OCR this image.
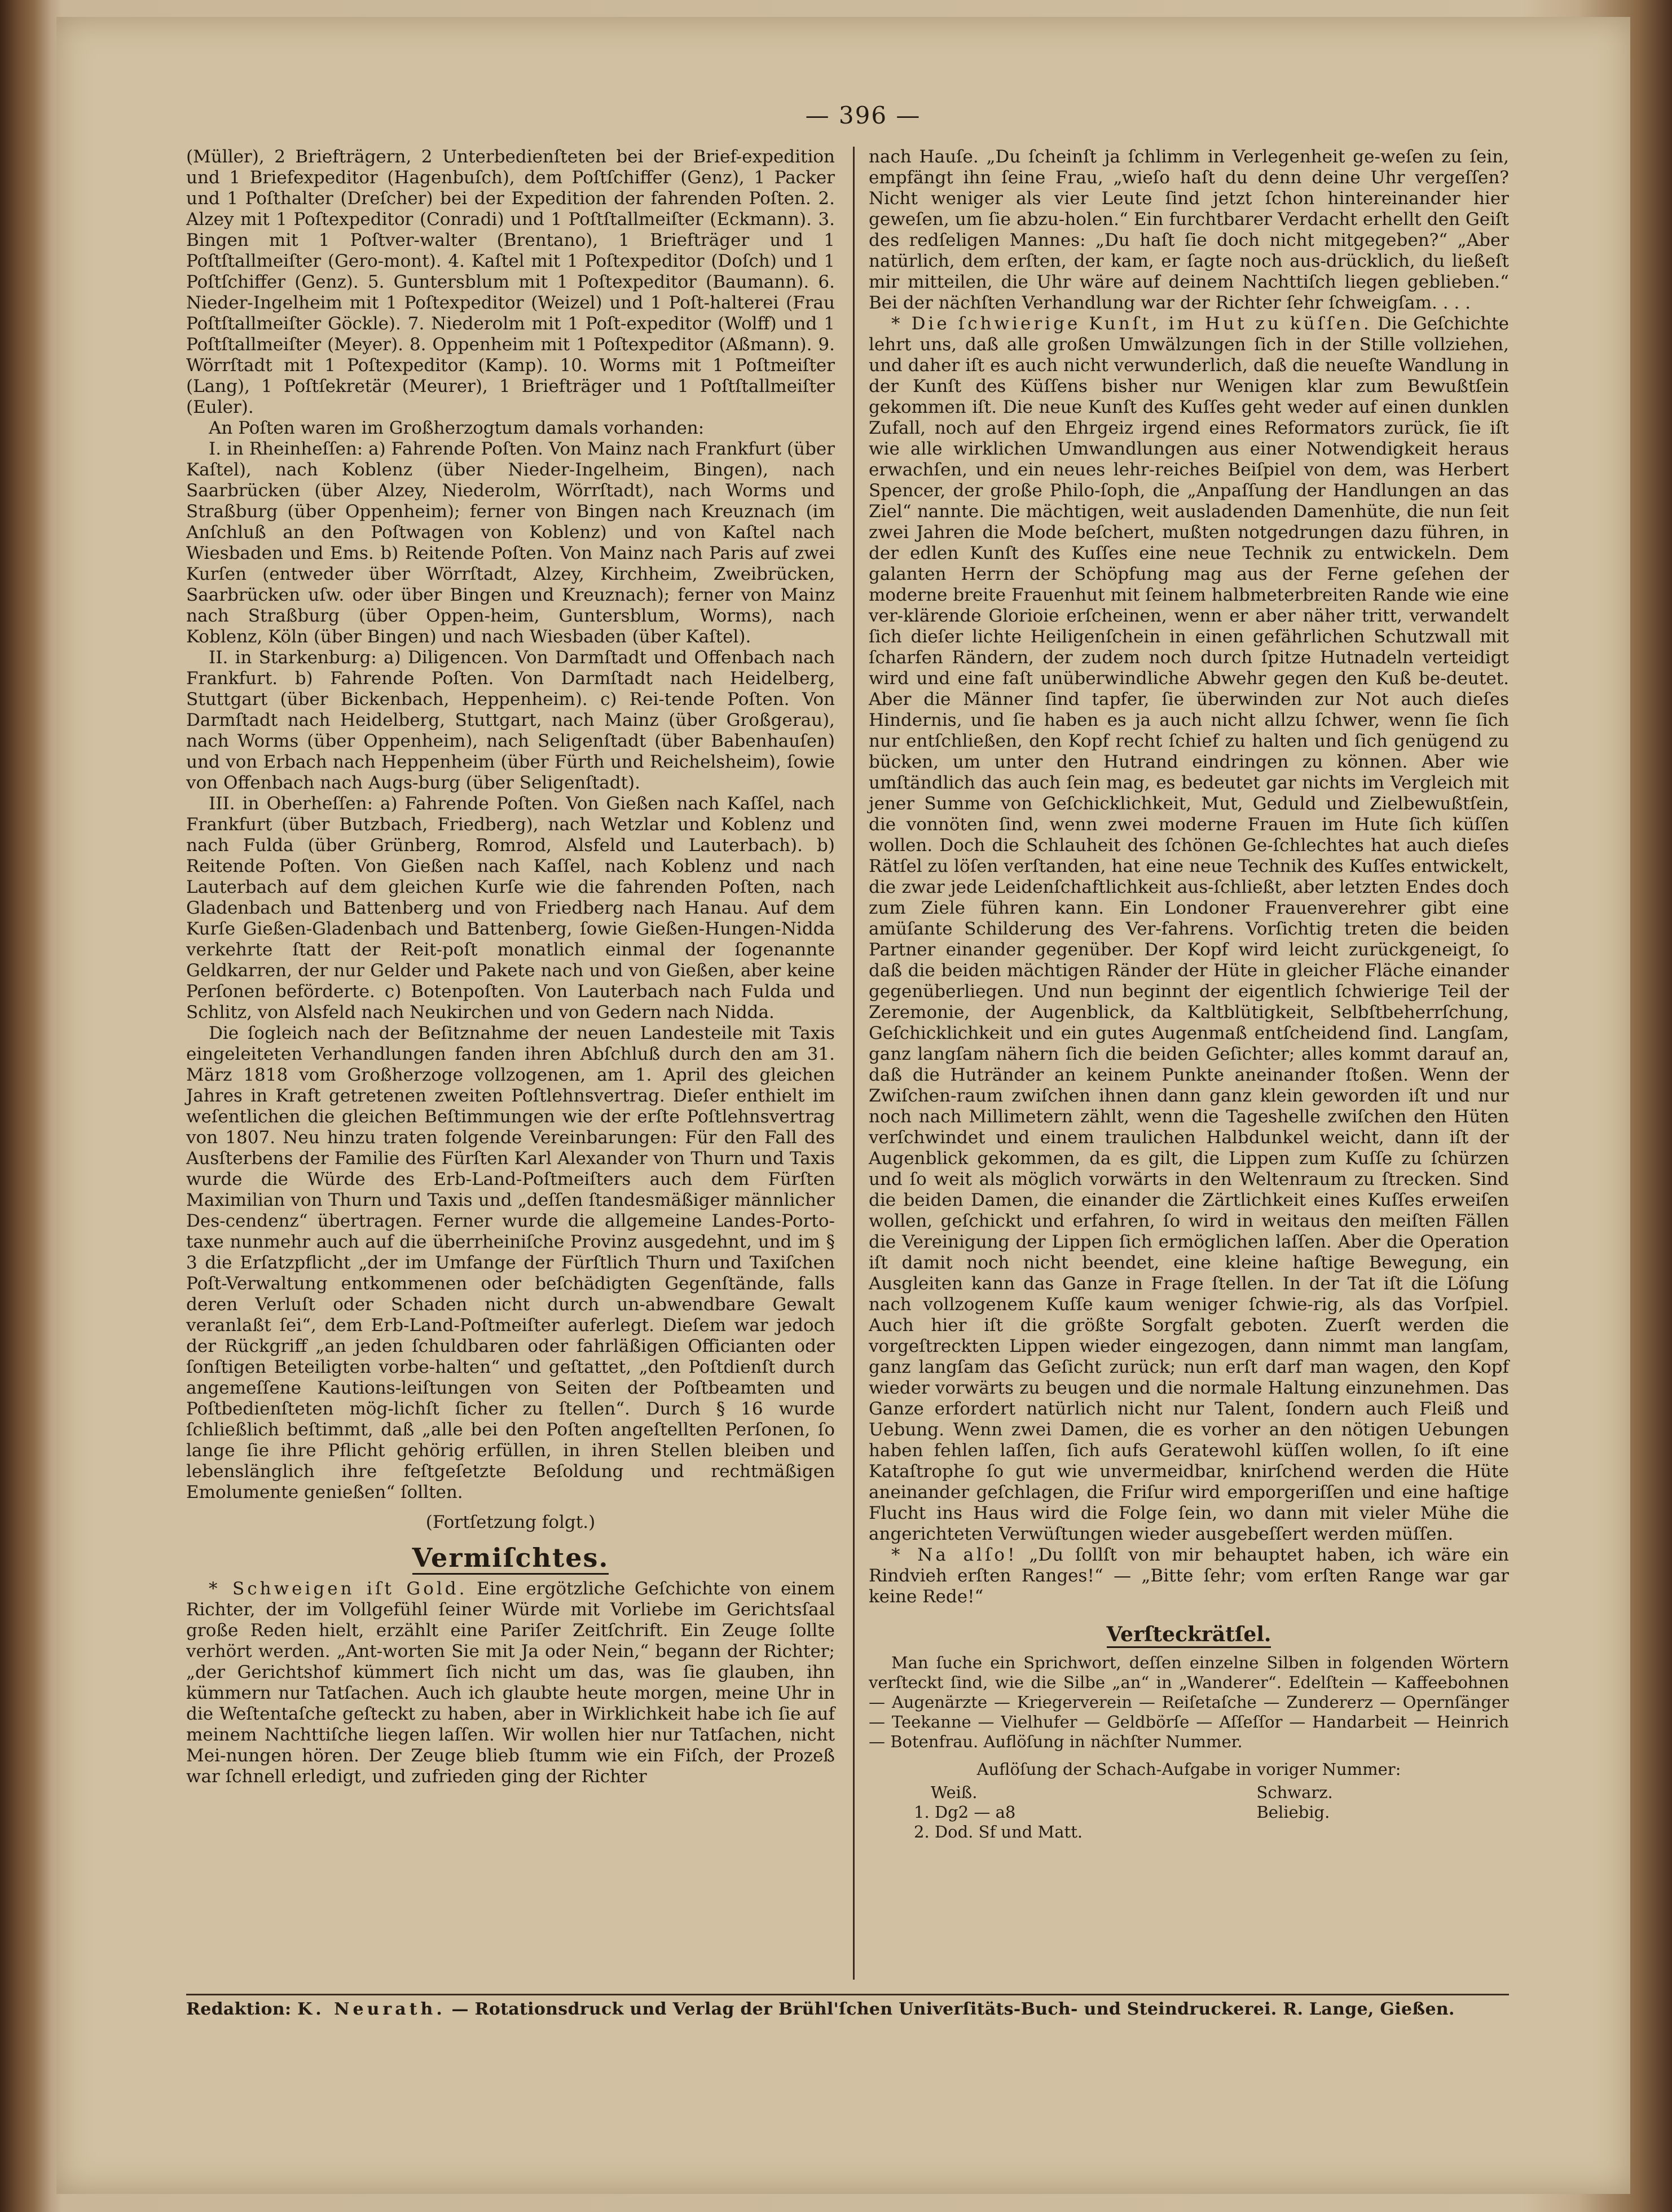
— 396 —

(Müller), 2 Briefträgern, 2 Unterbedienſteten bei der Brief-expedition und 1 Briefexpeditor (Hagenbuſch), dem Poſtſchiffer (Genz), 1 Packer und 1 Poſthalter (Dreſcher) bei der Expedition der fahrenden Poſten. 2. Alzey mit 1 Poſtexpeditor (Conradi) und 1 Poſtſtallmeiſter (Eckmann). 3. Bingen mit 1 Poſtver-walter (Brentano), 1 Briefträger und 1 Poſtſtallmeiſter (Gero-mont). 4. Kaſtel mit 1 Poſtexpeditor (Doſch) und 1 Poſtſchiffer (Genz). 5. Guntersblum mit 1 Poſtexpeditor (Baumann). 6. Nieder-Ingelheim mit 1 Poſtexpeditor (Weizel) und 1 Poſt-halterei (Frau Poſtſtallmeiſter Göckle). 7. Niederolm mit 1 Poſt-expeditor (Wolff) und 1 Poſtſtallmeiſter (Meyer). 8. Oppenheim mit 1 Poſtexpeditor (Aßmann). 9. Wörrſtadt mit 1 Poſtexpeditor (Kamp). 10. Worms mit 1 Poſtmeiſter (Lang), 1 Poſtſekretär (Meurer), 1 Briefträger und 1 Poſtſtallmeiſter (Euler).

An Poſten waren im Großherzogtum damals vorhanden:

I. in Rheinheſſen: a) Fahrende Poſten. Von Mainz nach Frankfurt (über Kaſtel), nach Koblenz (über Nieder-Ingelheim, Bingen), nach Saarbrücken (über Alzey, Niederolm, Wörrſtadt), nach Worms und Straßburg (über Oppenheim); ferner von Bingen nach Kreuznach (im Anſchluß an den Poſtwagen von Koblenz) und von Kaſtel nach Wiesbaden und Ems. b) Reitende Poſten. Von Mainz nach Paris auf zwei Kurſen (entweder über Wörrſtadt, Alzey, Kirchheim, Zweibrücken, Saarbrücken uſw. oder über Bingen und Kreuznach); ferner von Mainz nach Straßburg (über Oppen-heim, Guntersblum, Worms), nach Koblenz, Köln (über Bingen) und nach Wiesbaden (über Kaſtel).

II. in Starkenburg: a) Diligencen. Von Darmſtadt und Offenbach nach Frankfurt. b) Fahrende Poſten. Von Darmſtadt nach Heidelberg, Stuttgart (über Bickenbach, Heppenheim). c) Rei-tende Poſten. Von Darmſtadt nach Heidelberg, Stuttgart, nach Mainz (über Großgerau), nach Worms (über Oppenheim), nach Seligenſtadt (über Babenhauſen) und von Erbach nach Heppenheim (über Fürth und Reichelsheim), ſowie von Offenbach nach Augs-burg (über Seligenſtadt).

III. in Oberheſſen: a) Fahrende Poſten. Von Gießen nach Kaſſel, nach Frankfurt (über Butzbach, Friedberg), nach Wetzlar und Koblenz und nach Fulda (über Grünberg, Romrod, Alsfeld und Lauterbach). b) Reitende Poſten. Von Gießen nach Kaſſel, nach Koblenz und nach Lauterbach auf dem gleichen Kurſe wie die fahrenden Poſten, nach Gladenbach und Battenberg und von Friedberg nach Hanau. Auf dem Kurſe Gießen-Gladenbach und Battenberg, ſowie Gießen-Hungen-Nidda verkehrte ſtatt der Reit-poſt monatlich einmal der ſogenannte Geldkarren, der nur Gelder und Pakete nach und von Gießen, aber keine Perſonen beförderte. c) Botenpoſten. Von Lauterbach nach Fulda und Schlitz, von Alsfeld nach Neukirchen und von Gedern nach Nidda.

Die ſogleich nach der Beſitznahme der neuen Landesteile mit Taxis eingeleiteten Verhandlungen fanden ihren Abſchluß durch den am 31. März 1818 vom Großherzoge vollzogenen, am 1. April des gleichen Jahres in Kraft getretenen zweiten Poſtlehnsvertrag. Dieſer enthielt im weſentlichen die gleichen Beſtimmungen wie der erſte Poſtlehnsvertrag von 1807. Neu hinzu traten folgende Vereinbarungen: Für den Fall des Ausſterbens der Familie des Fürſten Karl Alexander von Thurn und Taxis wurde die Würde des Erb-Land-Poſtmeiſters auch dem Fürſten Maximilian von Thurn und Taxis und „deſſen ſtandesmäßiger männlicher Des-cendenz“ übertragen. Ferner wurde die allgemeine Landes-Porto-taxe nunmehr auch auf die überrheiniſche Provinz ausgedehnt, und im § 3 die Erſatzpflicht „der im Umfange der Fürſtlich Thurn und Taxiſchen Poſt-Verwaltung entkommenen oder beſchädigten Gegenſtände, falls deren Verluſt oder Schaden nicht durch un-abwendbare Gewalt veranlaßt ſei“, dem Erb-Land-Poſtmeiſter auferlegt. Dieſem war jedoch der Rückgriff „an jeden ſchuldbaren oder fahrläßigen Officianten oder ſonſtigen Beteiligten vorbe-halten“ und geſtattet, „den Poſtdienſt durch angemeſſene Kautions-leiſtungen von Seiten der Poſtbeamten und Poſtbedienſteten mög-lichſt ſicher zu ſtellen“. Durch § 16 wurde ſchließlich beſtimmt, daß „alle bei den Poſten angeſtellten Perſonen, ſo lange ſie ihre Pflicht gehörig erfüllen, in ihren Stellen bleiben und lebenslänglich ihre feſtgeſetzte Beſoldung und rechtmäßigen Emolumente genießen“ ſollten.

(Fortſetzung folgt.)

Vermiſchtes.

* Schweigen iſt Gold. Eine ergötzliche Geſchichte von einem Richter, der im Vollgefühl ſeiner Würde mit Vorliebe im Gerichtsſaal große Reden hielt, erzählt eine Pariſer Zeitſchrift. Ein Zeuge ſollte verhört werden. „Ant-worten Sie mit Ja oder Nein,“ begann der Richter; „der Gerichtshof kümmert ſich nicht um das, was ſie glauben, ihn kümmern nur Tatſachen. Auch ich glaubte heute morgen, meine Uhr in die Weſtentaſche geſteckt zu haben, aber in Wirklichkeit habe ich ſie auf meinem Nachttiſche liegen laſſen. Wir wollen hier nur Tatſachen, nicht Mei-nungen hören. Der Zeuge blieb ſtumm wie ein Fiſch, der Prozeß war ſchnell erledigt, und zufrieden ging der Richter

nach Hauſe. „Du ſcheinſt ja ſchlimm in Verlegenheit ge-weſen zu ſein, empfängt ihn ſeine Frau, „wieſo haſt du denn deine Uhr vergeſſen? Nicht weniger als vier Leute ſind jetzt ſchon hintereinander hier geweſen, um ſie abzu-holen.“ Ein furchtbarer Verdacht erhellt den Geiſt des redſeligen Mannes: „Du haſt ſie doch nicht mitgegeben?“ „Aber natürlich, dem erſten, der kam, er ſagte noch aus-drücklich, du ließeſt mir mitteilen, die Uhr wäre auf deinem Nachttiſch liegen geblieben.“ Bei der nächſten Verhandlung war der Richter ſehr ſchweigſam. . . .

* Die ſchwierige Kunſt, im Hut zu küſſen. Die Geſchichte lehrt uns, daß alle großen Umwälzungen ſich in der Stille vollziehen, und daher iſt es auch nicht verwunderlich, daß die neueſte Wandlung in der Kunſt des Küſſens bisher nur Wenigen klar zum Bewußtſein gekommen iſt. Die neue Kunſt des Kuſſes geht weder auf einen dunklen Zufall, noch auf den Ehrgeiz irgend eines Reformators zurück, ſie iſt wie alle wirklichen Umwandlungen aus einer Notwendigkeit heraus erwachſen, und ein neues lehr-reiches Beiſpiel von dem, was Herbert Spencer, der große Philo-ſoph, die „Anpaſſung der Handlungen an das Ziel“ nannte. Die mächtigen, weit ausladenden Damenhüte, die nun ſeit zwei Jahren die Mode beſchert, mußten notgedrungen dazu führen, in der edlen Kunſt des Kuſſes eine neue Technik zu entwickeln. Dem galanten Herrn der Schöpfung mag aus der Ferne geſehen der moderne breite Frauenhut mit ſeinem halbmeterbreiten Rande wie eine ver-klärende Glorioie erſcheinen, wenn er aber näher tritt, verwandelt ſich dieſer lichte Heiligenſchein in einen gefährlichen Schutzwall mit ſcharfen Rändern, der zudem noch durch ſpitze Hutnadeln verteidigt wird und eine faſt unüberwindliche Abwehr gegen den Kuß be-deutet. Aber die Männer ſind tapfer, ſie überwinden zur Not auch dieſes Hindernis, und ſie haben es ja auch nicht allzu ſchwer, wenn ſie ſich nur entſchließen, den Kopf recht ſchief zu halten und ſich genügend zu bücken, um unter den Hutrand eindringen zu können. Aber wie umſtändlich das auch ſein mag, es bedeutet gar nichts im Vergleich mit jener Summe von Geſchicklichkeit, Mut, Geduld und Zielbewußtſein, die vonnöten ſind, wenn zwei moderne Frauen im Hute ſich küſſen wollen. Doch die Schlauheit des ſchönen Ge-ſchlechtes hat auch dieſes Rätſel zu löſen verſtanden, hat eine neue Technik des Kuſſes entwickelt, die zwar jede Leidenſchaftlichkeit aus-ſchließt, aber letzten Endes doch zum Ziele führen kann. Ein Londoner Frauenverehrer gibt eine amüſante Schilderung des Ver-fahrens. Vorſichtig treten die beiden Partner einander gegenüber. Der Kopf wird leicht zurückgeneigt, ſo daß die beiden mächtigen Ränder der Hüte in gleicher Fläche einander gegenüberliegen. Und nun beginnt der eigentlich ſchwierige Teil der Zeremonie, der Augenblick, da Kaltblütigkeit, Selbſtbeherrſchung, Geſchicklichkeit und ein gutes Augenmaß entſcheidend ſind. Langſam, ganz langſam nähern ſich die beiden Geſichter; alles kommt darauf an, daß die Hutränder an keinem Punkte aneinander ſtoßen. Wenn der Zwiſchen-raum zwiſchen ihnen dann ganz klein geworden iſt und nur noch nach Millimetern zählt, wenn die Tageshelle zwiſchen den Hüten verſchwindet und einem traulichen Halbdunkel weicht, dann iſt der Augenblick gekommen, da es gilt, die Lippen zum Kuſſe zu ſchürzen und ſo weit als möglich vorwärts in den Weltenraum zu ſtrecken. Sind die beiden Damen, die einander die Zärtlichkeit eines Kuſſes erweiſen wollen, geſchickt und erfahren, ſo wird in weitaus den meiſten Fällen die Vereinigung der Lippen ſich ermöglichen laſſen. Aber die Operation iſt damit noch nicht beendet, eine kleine haſtige Bewegung, ein Ausgleiten kann das Ganze in Frage ſtellen. In der Tat iſt die Löſung nach vollzogenem Kuſſe kaum weniger ſchwie-rig, als das Vorſpiel. Auch hier iſt die größte Sorgfalt geboten. Zuerſt werden die vorgeſtreckten Lippen wieder eingezogen, dann nimmt man langſam, ganz langſam das Geſicht zurück; nun erſt darf man wagen, den Kopf wieder vorwärts zu beugen und die normale Haltung einzunehmen. Das Ganze erfordert natürlich nicht nur Talent, ſondern auch Fleiß und Uebung. Wenn zwei Damen, die es vorher an den nötigen Uebungen haben fehlen laſſen, ſich aufs Geratewohl küſſen wollen, ſo iſt eine Kataſtrophe ſo gut wie unvermeidbar, knirſchend werden die Hüte aneinander geſchlagen, die Friſur wird emporgeriſſen und eine haſtige Flucht ins Haus wird die Folge ſein, wo dann mit vieler Mühe die angerichteten Verwüſtungen wieder ausgebeſſert werden müſſen.

* Na alſo! „Du ſollſt von mir behauptet haben, ich wäre ein Rindvieh erſten Ranges!“ — „Bitte ſehr; vom erſten Range war gar keine Rede!“

Verſteckrätſel.

Man ſuche ein Sprichwort, deſſen einzelne Silben in folgenden Wörtern verſteckt ſind, wie die Silbe „an“ in „Wanderer“. Edelſtein — Kaffeebohnen — Augenärzte — Kriegerverein — Reiſetaſche — Zundererz — Opernſänger — Teekanne — Vielhufer — Geldbörſe — Aſſeſſor — Handarbeit — Heinrich — Botenfrau. Auflöſung in nächſter Nummer.

Auflöſung der Schach-Aufgabe in voriger Nummer:

Weiß.	Schwarz.
1. Dg2 — a8	Beliebig.
2. Dod. Sf und Matt.
Redaktion: K. Neurath. — Rotationsdruck und Verlag der Brühl'ſchen Univerſitäts-Buch- und Steindruckerei. R. Lange, Gießen.
